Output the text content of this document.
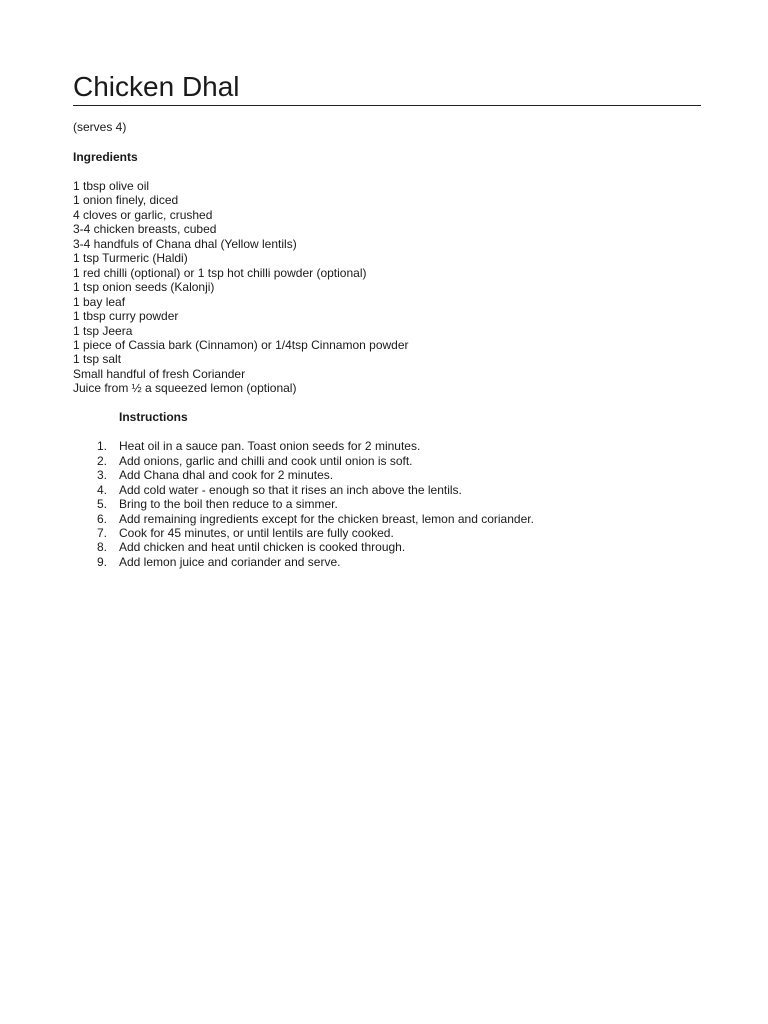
Chicken Dhal
(serves 4)
Ingredients
1 tbsp olive oil
1 onion finely, diced
4 cloves or garlic, crushed
3-4 chicken breasts, cubed
3-4 handfuls of Chana dhal (Yellow lentils)
1 tsp Turmeric (Haldi)
1 red chilli (optional) or 1 tsp hot chilli powder (optional)
1 tsp onion seeds (Kalonji)
1 bay leaf
1 tbsp curry powder
1 tsp Jeera
1 piece of Cassia bark (Cinnamon) or 1/4tsp Cinnamon powder
1 tsp salt
Small handful of fresh Coriander
Juice from ½ a squeezed lemon (optional)
Instructions
1. Heat oil in a sauce pan. Toast onion seeds for 2 minutes.
2. Add onions, garlic and chilli and cook until onion is soft.
3. Add Chana dhal and cook for 2 minutes.
4. Add cold water - enough so that it rises an inch above the lentils.
5. Bring to the boil then reduce to a simmer.
6. Add remaining ingredients except for the chicken breast, lemon and coriander.
7. Cook for 45 minutes, or until lentils are fully cooked.
8. Add chicken and heat until chicken is cooked through.
9. Add lemon juice and coriander and serve.
